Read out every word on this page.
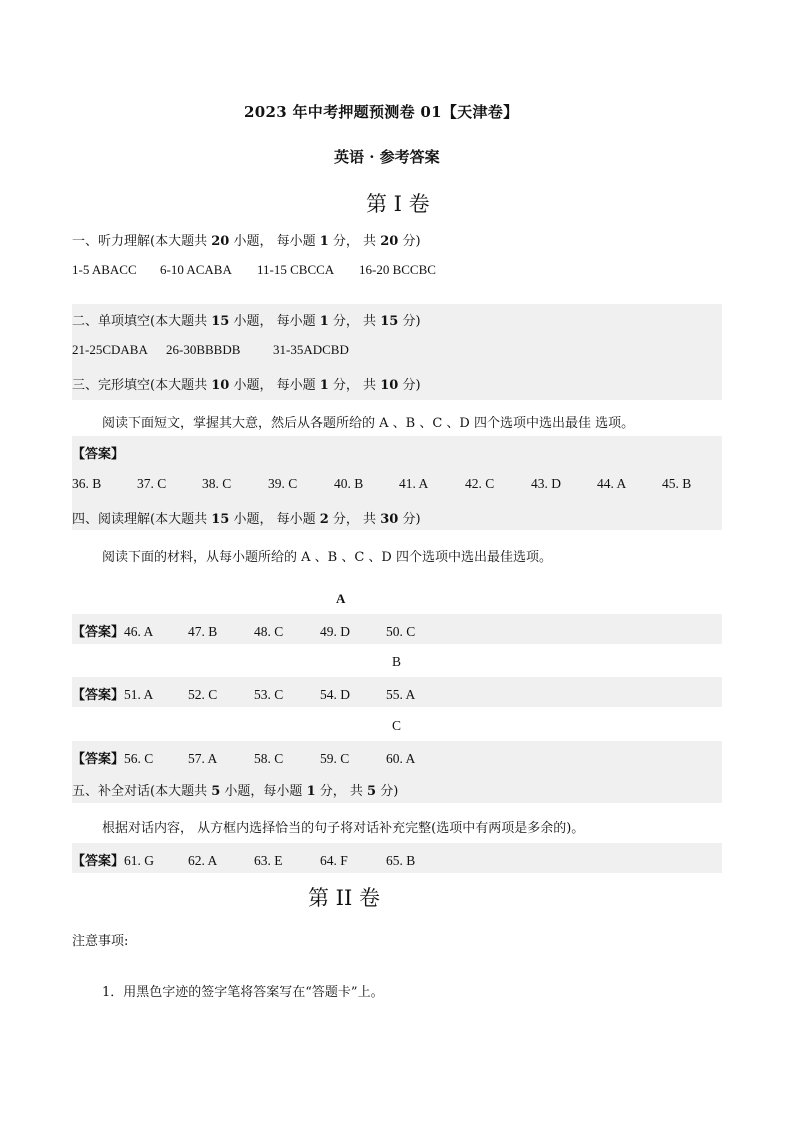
2023 年中考押题预测卷 01【天津卷】
英语 · 参考答案
第 I 卷
一、听力理解(本大题共 20 小题， 每小题 1 分， 共 20 分)
1-5 ABACC 6-10 ACABA 11-15 CBCCA 16-20 BCCBC
二、单项填空(本大题共 15 小题， 每小题 1 分， 共 15 分)
21-25CDABA 26-30BBBDB	31-35ADCBD
三、完形填空(本大题共 10 小题， 每小题 1 分， 共 10 分)
阅读下面短文，掌握其大意，然后从各题所给的 A 、B 、C 、D 四个选项中选出最佳 选项。
【答案】
36. B	37. C	38. C	39. C	40. B	41. A	42. C	43. D	44. A	45. B
四、阅读理解(本大题共 15 小题， 每小题 2 分， 共 30 分)
阅读下面的材料，从每小题所给的 A 、B 、C 、D 四个选项中选出最佳选项。
A
【答案】46. A	47. B	48. C	49. D	50. C
B
【答案】51. A	52. C	53. C	54. D	55. A
C
【答案】56. C	57. A	58. C	59. C	60. A
五、补全对话(本大题共 5 小题，每小题 1 分， 共 5 分)
根据对话内容， 从方框内选择恰当的句子将对话补充完整(选项中有两项是多余的)。
【答案】61. G	62. A	63. E	64. F	65. B
第 II 卷
注意事项:
1．用黑色字迹的签字笔将答案写在“答题卡”上。
